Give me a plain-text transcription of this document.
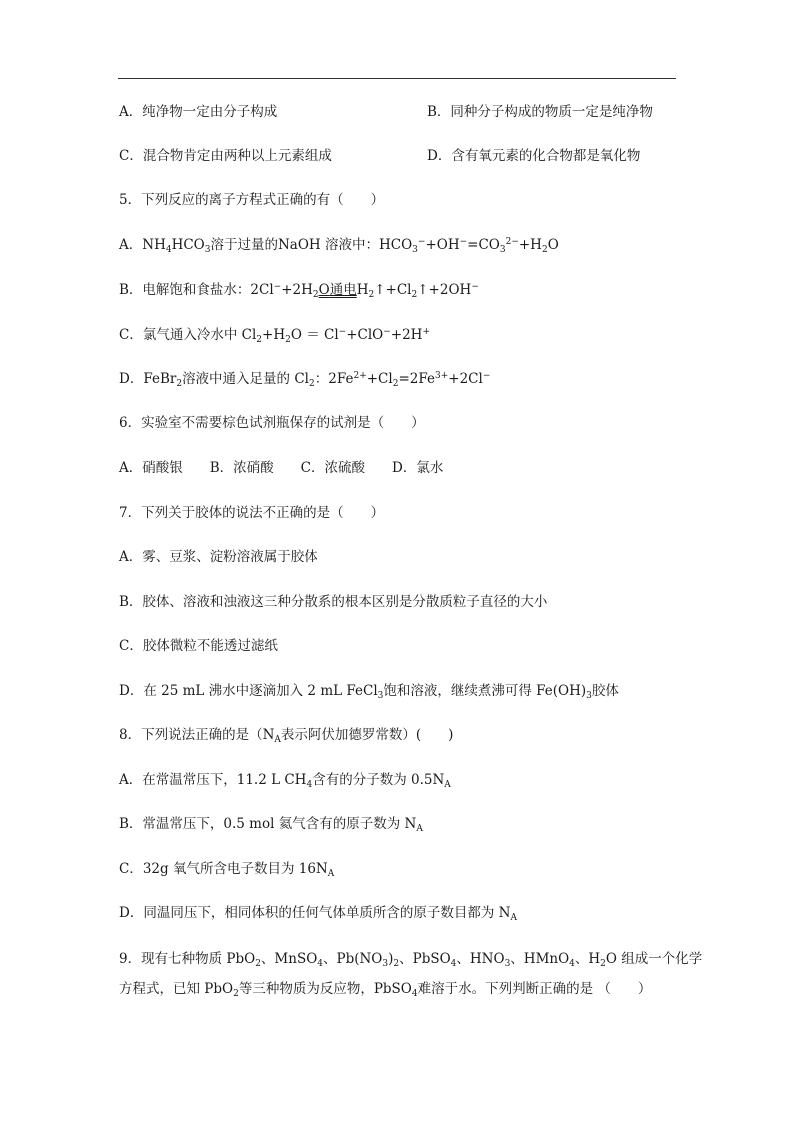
A．纯净物一定由分子构成	B．同种分子构成的物质一定是纯净物
C．混合物肯定由两种以上元素组成	D．含有氧元素的化合物都是氧化物
5．下列反应的离子方程式正确的有（　　）
A．$NH_4HCO_3$溶于过量的NaOH 溶液中：$HCO_3^-+OH^-=CO_3^{2-}+H_2O$
B．电解饱和食盐水：$2Cl^-+2H_2O$通电$H_2↑+Cl_2↑+2OH^-$
C．氯气通入冷水中 $Cl_2+H_2O = Cl^-+ClO^-+2H^+$
D．FeBr$_2$溶液中通入足量的 $Cl_2$：$2Fe^{2+}+Cl_2=2Fe^{3+}+2Cl^-$
6．实验室不需要棕色试剂瓶保存的试剂是（　　）
A．硝酸银　　B．浓硝酸　　C．浓硫酸　　D．氯水
7．下列关于胶体的说法不正确的是（　　）
A．雾、豆浆、淀粉溶液属于胶体
B．胶体、溶液和浊液这三种分散系的根本区别是分散质粒子直径的大小
C．胶体微粒不能透过滤纸
D．在 25 mL 沸水中逐滴加入 2 mL FeCl$_3$饱和溶液，继续煮沸可得 $Fe(OH)_3$胶体
8．下列说法正确的是（$N_A$表示阿伏加德罗常数）(　　)
A．在常温常压下，11.2 L $CH_4$含有的分子数为 $0.5N_A$
B．常温常压下，0.5 mol 氦气含有的原子数为 $N_A$
C．32g 氧气所含电子数目为 $16N_A$
D．同温同压下，相同体积的任何气体单质所含的原子数目都为 $N_A$
9．现有七种物质 PbO$_2$、MnSO$_4$、$Pb(NO_3)_2$、PbSO$_4$、$HNO_3$、HMnO$_4$、$H_2O$ 组成一个化学
方程式，已知 PbO$_2$等三种物质为反应物，PbSO$_4$难溶于水。下列判断正确的是 （　　）
